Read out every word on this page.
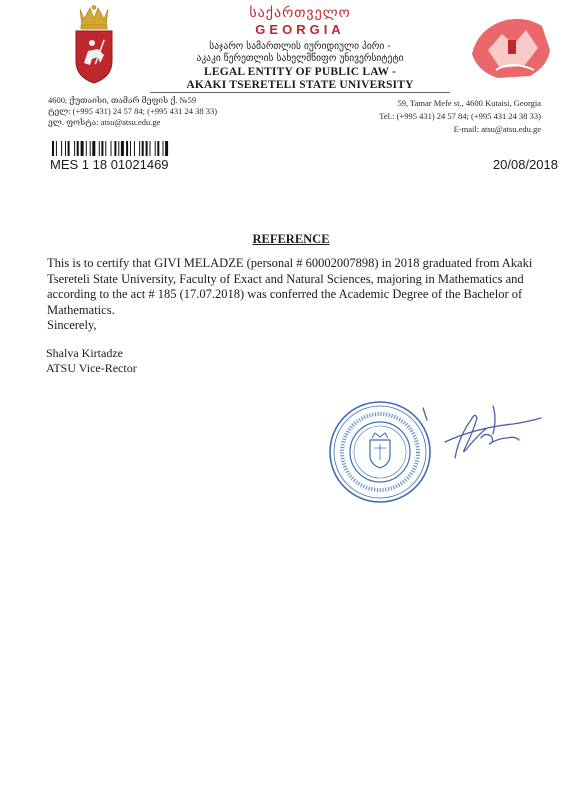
საქართველო
GEORGIA
საჯარო სამართლის იურიდიული პირი -
აკაკი წერეთლის სახელმწიფო უნივერსიტეტი
LEGAL ENTITY OF PUBLIC LAW -
AKAKI TSERETELI STATE UNIVERSITY
4600, ქუთაისი, თამარ მეფის ქ. №59
ტელ: (+995 431) 24 57 84; (+995 431 24 38 33)
ელ. ფოსტა: atsu@atsu.edu.ge
59, Tamar Mefe st., 4600 Kutaisi, Georgia
Tel.: (+995 431) 24 57 84; (+995 431 24 38 33)
E-mail: atsu@atsu.edu.ge
MES 1 18 01021469	20/08/2018
REFERENCE
This is to certify that GIVI MELADZE (personal # 60002007898) in 2018 graduated from Akaki Tsereteli State University, Faculty of Exact and Natural Sciences, majoring in Mathematics and according to the act # 185 (17.07.2018) was conferred the Academic Degree of the Bachelor of Mathematics.
Sincerely,
Shalva Kirtadze
ATSU Vice-Rector
